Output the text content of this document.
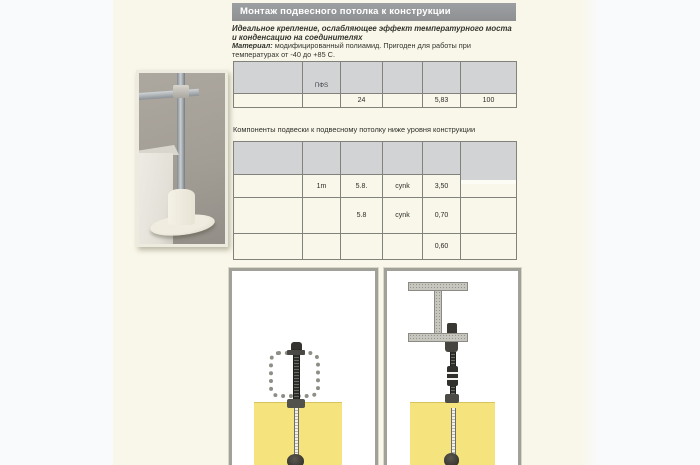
Монтаж подвесного потолка к конструкции
Идеальное крепление, ослабляющее эффект температурного моста и конденсацию на соединителях
Материал: модифицированный полиамид. Пригоден для работы при температурах от -40 до +85 С.
	ПФS				
		24		5,83	100
Компоненты подвески к подвесному потолку ниже уровня конструкции

	1m	5.8.	cynk	3,50	
		5.8	cynk	0,70	
				0,60	
